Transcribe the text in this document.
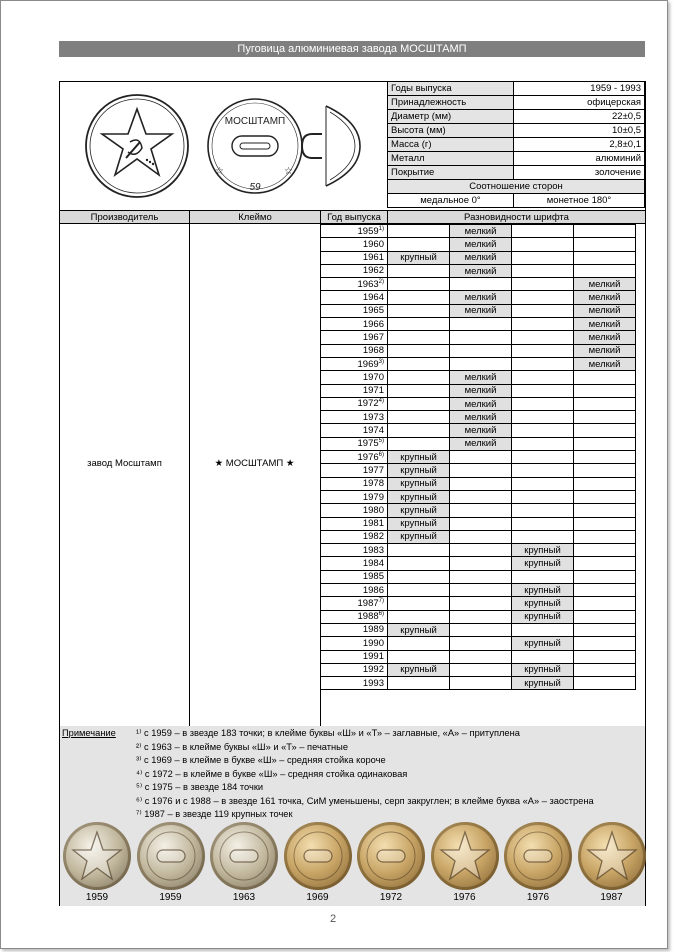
Пуговица алюминиевая завода МОСШТАМП
☆	☆
МОСШТАМП
59
Годы выпуска	1959 - 1993
Принадлежность	офицерская
Диаметр (мм)	22±0,5
Высота (мм)	10±0,5
Масса (г)	2,8±0,1
Металл	алюминий
Покрытие	золочение
Соотношение сторон	
медальное 0°	монетное 180°
Производитель	Клеймо	Год выпуска	Разновидности шрифта
завод Мосштамп	★ МОСШТАМП ★
1959$^{1)}$		мелкий		
1960		мелкий		
1961	крупный	мелкий		
1962		мелкий		
1963$^{2)}$				мелкий
1964		мелкий		мелкий
1965		мелкий		мелкий
1966				мелкий
1967				мелкий
1968				мелкий
1969$^{3)}$				мелкий
1970		мелкий		
1971		мелкий		
1972$^{4)}$		мелкий		
1973		мелкий		
1974		мелкий		
1975$^{5)}$		мелкий		
1976$^{6)}$	крупный			
1977	крупный			
1978	крупный			
1979	крупный			
1980	крупный			
1981	крупный			
1982	крупный			
1983			крупный	
1984			крупный	
1985				
1986			крупный	
1987$^{7)}$			крупный	
1988$^{6)}$			крупный	
1989	крупный			
1990			крупный	
1991				
1992	крупный		крупный	
1993			крупный	
Примечание ¹⁾ с 1959 – в звезде 183 точки; в клейме буквы «Ш» и «Т» – заглавные, «А» – притуплена
²⁾ с 1963 – в клейме буквы «Ш» и «Т» – печатные
³⁾ с 1969 – в клейме в букве «Ш» – средняя стойка короче
⁴⁾ с 1972 – в клейме в букве «Ш» – средняя стойка одинаковая
⁵⁾ с 1975 – в звезде 184 точки
⁶⁾ с 1976 и с 1988 – в звезде 161 точка, СиМ уменьшены, серп закруглен; в клейме буква «А» – заострена
⁷⁾ 1987 – в звезде 119 крупных точек
1959	1959	1963	1969	1972	1976	1976	1987
2
